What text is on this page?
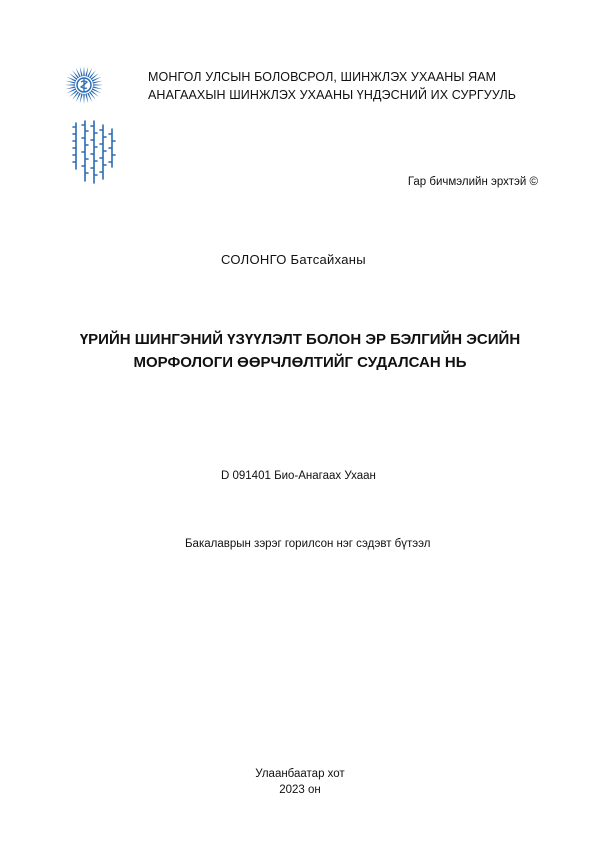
МОНГОЛ УЛСЫН БОЛОВСРОЛ, ШИНЖЛЭХ УХААНЫ ЯАМ
АНАГААХЫН ШИНЖЛЭХ УХААНЫ ҮНДЭСНИЙ ИХ СУРГУУЛЬ
Гар бичмэлийн эрхтэй ©
СОЛОНГО Батсайханы
ҮРИЙН ШИНГЭНИЙ ҮЗҮҮЛЭЛТ БОЛОН ЭР БЭЛГИЙН ЭСИЙН
МОРФОЛОГИ ӨӨРЧЛӨЛТИЙГ СУДАЛСАН НЬ
D 091401 Био-Анагаах Ухаан
Бакалаврын зэрэг горилсон нэг сэдэвт бүтээл
Улаанбаатар хот
2023 он
